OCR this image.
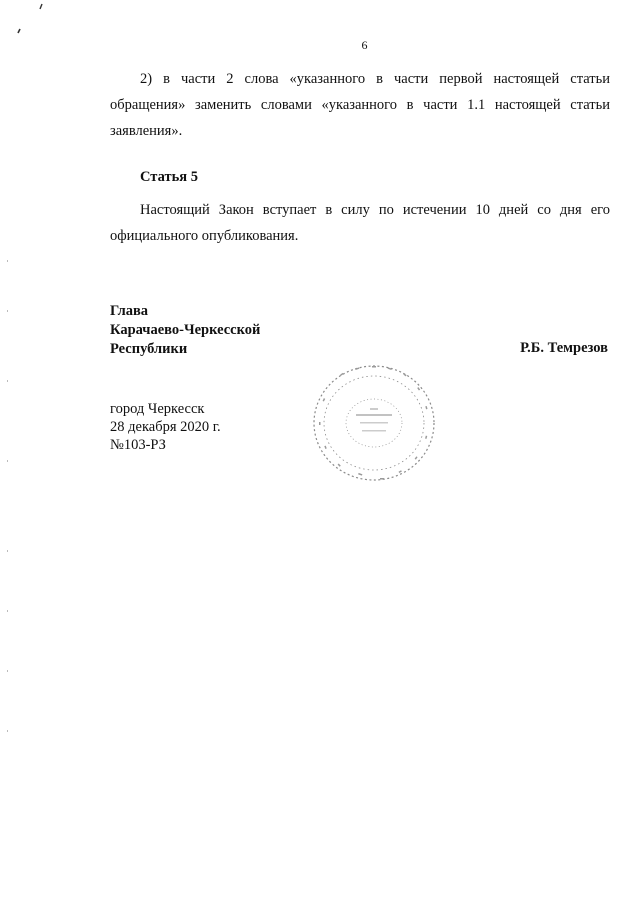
6

2) в части 2 слова «указанного в части первой настоящей статьи обращения» заменить словами «указанного в части 1.1 настоящей статьи заявления».

Статья 5

Настоящий Закон вступает в силу по истечении 10 дней со дня его официального опубликования.

Глава
Карачаево-Черкесской
Республики	Р.Б. Темрезов
город Черкесск
28 декабря 2020 г.
№103-РЗ
